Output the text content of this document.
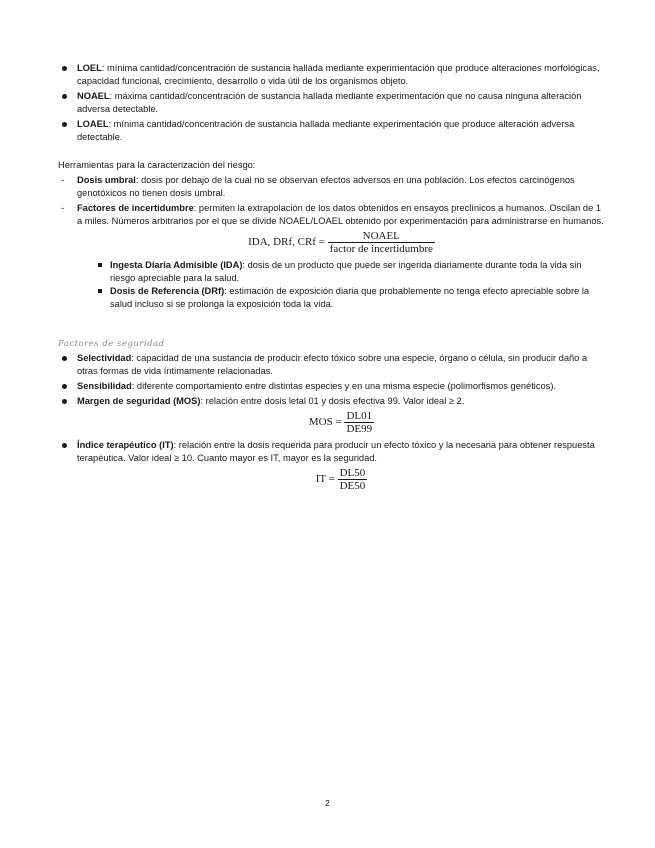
LOEL: mínima cantidad/concentración de sustancia hallada mediante experimentación que produce alteraciones morfológicas, capacidad funcional, crecimiento, desarrollo o vida útil de los organismos objeto.
NOAEL: máxima cantidad/concentración de sustancia hallada mediante experimentación que no causa ninguna alteración adversa detectable.
LOAEL: mínima cantidad/concentración de sustancia hallada mediante experimentación que produce alteración adversa detectable.
Herramientas para la caracterización del riesgo:
- Dosis umbral: dosis por debajo de la cual no se observan efectos adversos en una población. Los efectos carcinógenos genotóxicos no tienen dosis umbral.
- Factores de incertidumbre: permiten la extrapolación de los datos obtenidos en ensayos preclínicos a humanos. Oscilan de 1 a miles. Números arbitrarios por el que se divide NOAEL/LOAEL obtenido por experimentación para administrarse en humanos.
IDA, DRf, CRf = $\frac{\text{NOAEL}}{\text{factor de incertidumbre}}$
Ingesta Diaria Admisible (IDA): dosis de un producto que puede ser ingerida diariamente durante toda la vida sin riesgo apreciable para la salud.
Dosis de Referencia (DRf): estimación de exposición diaria que probablemente no tenga efecto apreciable sobre la salud incluso si se prolonga la exposición toda la vida.
Factores de seguridad
Selectividad: capacidad de una sustancia de producir efecto tóxico sobre una especie, órgano o célula, sin producir daño a otras formas de vida íntimamente relacionadas.
Sensibilidad: diferente comportamiento entre distintas especies y en una misma especie (polimorfismos genéticos).
Margen de seguridad (MOS): relación entre dosis letal 01 y dosis efectiva 99. Valor ideal ≥ 2.
MOS = $\frac{DL01}{DE99}$
Índice terapéutico (IT): relación entre la dosis requerida para producir un efecto tóxico y la necesaria para obtener respuesta terapéutica. Valor ideal ≥ 10. Cuanto mayor es IT, mayor es la seguridad.
IT = $\frac{DL50}{DE50}$
2
